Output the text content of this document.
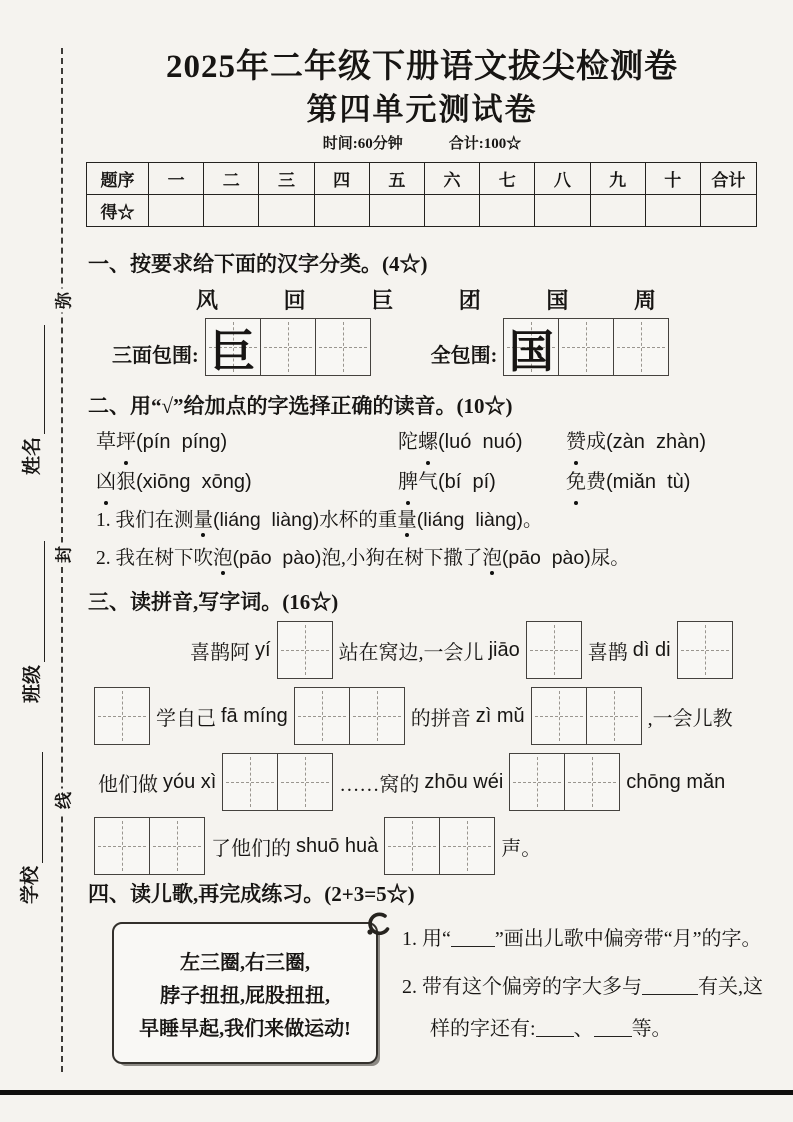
弥
封
线
姓名
班级
学校
2025年二年级下册语文拔尖检测卷
第四单元测试卷
时间:60分钟	合计:100☆
题序	一	二	三	四	五	六	七	八	九	十	合计
得☆											
一、按要求给下面的汉字分类。(4☆)
风	回	巨	团	国	周
三面包围: 巨	全包围: 国
二、用“√”给加点的字选择正确的读音。(10☆)
草坪(pín  píng)	陀螺(luó  nuó)	赞成(zàn  zhàn)
凶狠(xiōng  xōng)	脾气(bí  pí)	免费(miǎn  tù)
1. 我们在测量(liáng  liàng)水杯的重量(liáng  liàng)。
2. 我在树下吹泡(pāo  pào)泡,小狗在树下撒了泡(pāo  pào)尿。
三、读拼音,写字词。(16☆)
喜鹊阿 yí	站在窝边,一会儿 jiāo	喜鹊 dì di
学自己 fā míng	的拼音 zì mǔ	,一会儿教
他们做 yóu xì	……窝的 zhōu wéi	chōng mǎn
了他们的 shuō huà	声。
四、读儿歌,再完成练习。(2+3=5☆)
左三圈,右三圈,
脖子扭扭,屁股扭扭,
早睡早起,我们来做运动!
1. 用“ ”画出儿歌中偏旁带“月”的字。
2. 带有这个偏旁的字大多与	有关,这样的字还有: 、 等。
